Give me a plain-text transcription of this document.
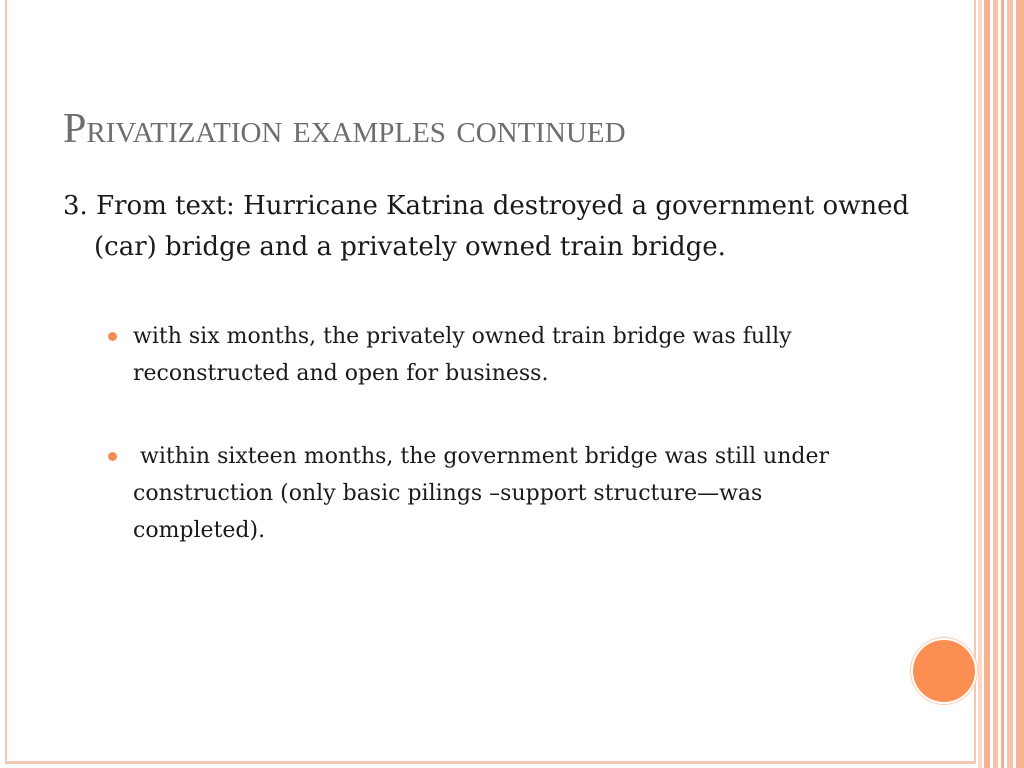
Privatization examples continued

3. From text: Hurricane Katrina destroyed a government owned (car) bridge and a privately owned train bridge.

with six months, the privately owned train bridge was fully reconstructed and open for business.
within sixteen months, the government bridge was still under construction (only basic pilings –support structure—was completed).
